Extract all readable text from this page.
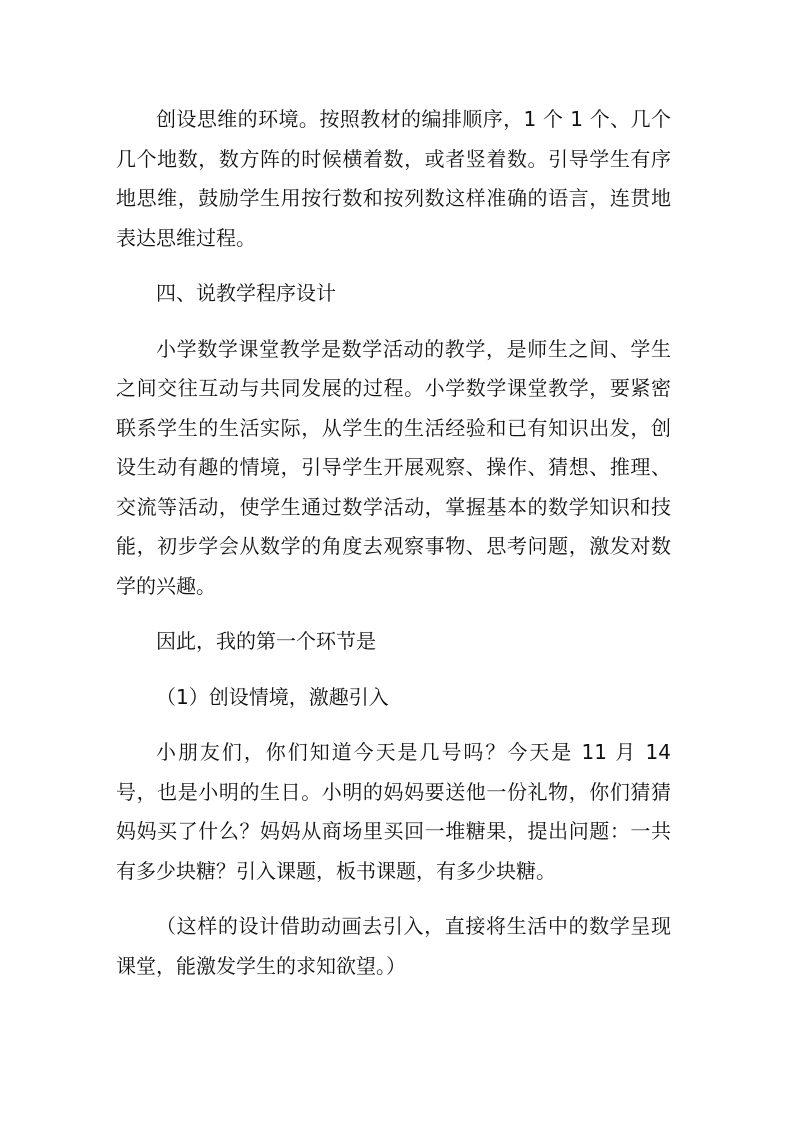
创设思维的环境。按照教材的编排顺序，1 个 1 个、几个几个地数，数方阵的时候横着数，或者竖着数。引导学生有序地思维，鼓励学生用按行数和按列数这样准确的语言，连贯地表达思维过程。

四、说教学程序设计

小学数学课堂教学是数学活动的教学，是师生之间、学生之间交往互动与共同发展的过程。小学数学课堂教学，要紧密联系学生的生活实际，从学生的生活经验和已有知识出发，创设生动有趣的情境，引导学生开展观察、操作、猜想、推理、交流等活动，使学生通过数学活动，掌握基本的数学知识和技能，初步学会从数学的角度去观察事物、思考问题，激发对数学的兴趣。

因此，我的第一个环节是

（1）创设情境，激趣引入

小朋友们，你们知道今天是几号吗？今天是 11 月 14 号，也是小明的生日。小明的妈妈要送他一份礼物，你们猜猜妈妈买了什么？妈妈从商场里买回一堆糖果，提出问题：一共有多少块糖？引入课题，板书课题，有多少块糖。

（这样的设计借助动画去引入，直接将生活中的数学呈现课堂，能激发学生的求知欲望。）
